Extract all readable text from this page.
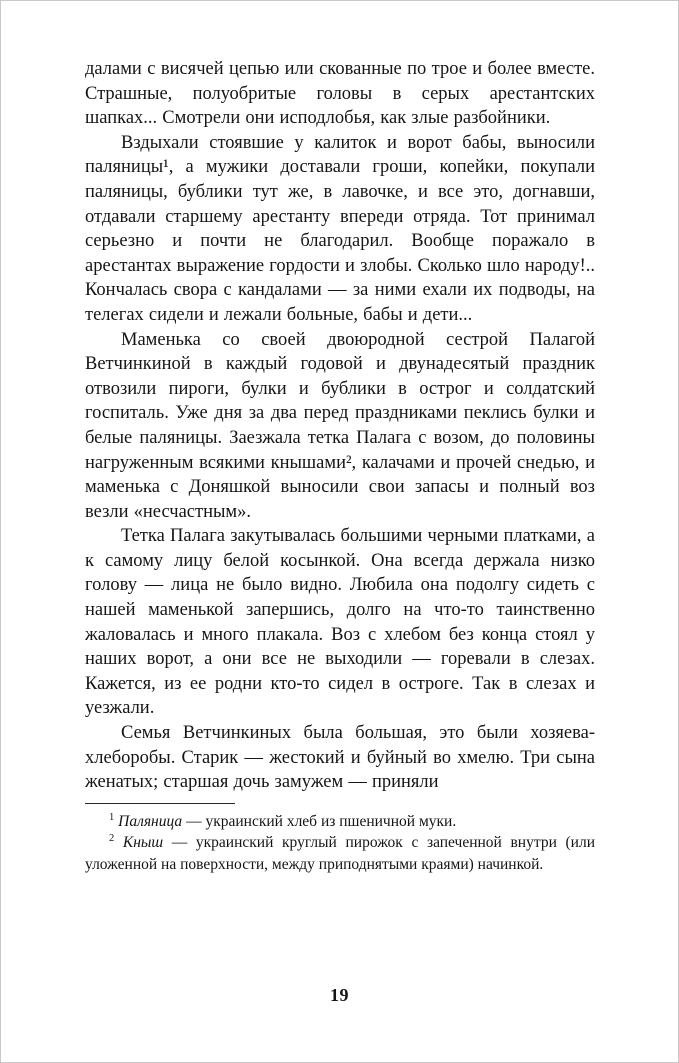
далами с висячей цепью или скованные по трое и более вместе. Страшные, полуобритые головы в серых арестантских шапках... Смотрели они исподлобья, как злые разбойники.

Вздыхали стоявшие у калиток и ворот бабы, выносили паляницы¹, а мужики доставали гроши, копейки, покупали паляницы, бублики тут же, в лавочке, и все это, догнавши, отдавали старшему арестанту впереди отряда. Тот принимал серьезно и почти не благодарил. Вообще поражало в арестантах выражение гордости и злобы. Сколько шло народу!.. Кончалась свора с кандалами — за ними ехали их подводы, на телегах сидели и лежали больные, бабы и дети...

Маменька со своей двоюродной сестрой Палагой Ветчинкиной в каждый годовой и двунадесятый праздник отвозили пироги, булки и бублики в острог и солдатский госпиталь. Уже дня за два перед праздниками пеклись булки и белые паляницы. Заезжала тетка Палага с возом, до половины нагруженным всякими кнышами², калачами и прочей снедью, и маменька с Доняшкой выносили свои запасы и полный воз везли «несчастным».

Тетка Палага закутывалась большими черными платками, а к самому лицу белой косынкой. Она всегда держала низко голову — лица не было видно. Любила она подолгу сидеть с нашей маменькой запершись, долго на что-то таинственно жаловалась и много плакала. Воз с хлебом без конца стоял у наших ворот, а они все не выходили — горевали в слезах. Кажется, из ее родни кто-то сидел в остроге. Так в слезах и уезжали.

Семья Ветчинкиных была большая, это были хозяева-хлеборобы. Старик — жестокий и буйный во хмелю. Три сына женатых; старшая дочь замужем — приняли

$^1$ Паляница — украинский хлеб из пшеничной муки.

$^2$ Кныш — украинский круглый пирожок с запеченной внутри (или уложенной на поверхности, между приподнятыми краями) начинкой.

19
